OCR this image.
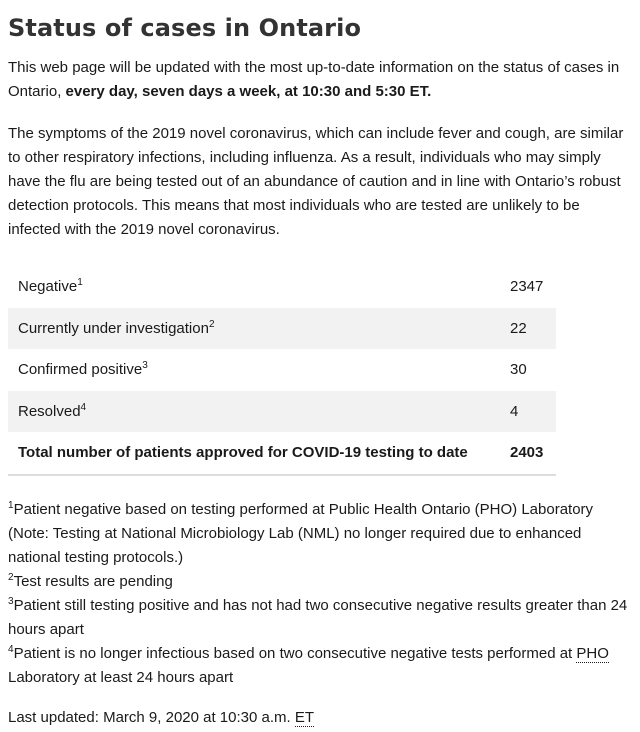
Status of cases in Ontario

This web page will be updated with the most up-to-date information on the status of cases in Ontario, every day, seven days a week, at 10:30 and 5:30 ET.

The symptoms of the 2019 novel coronavirus, which can include fever and cough, are similar to other respiratory infections, including influenza. As a result, individuals who may simply have the flu are being tested out of an abundance of caution and in line with Ontario’s robust detection protocols. This means that most individuals who are tested are unlikely to be infected with the 2019 novel coronavirus.

Negative$^1$	2347
Currently under investigation$^2$	22
Confirmed positive$^3$	30
Resolved$^4$	4
Total number of patients approved for COVID-19 testing to date	2403

$^1$Patient negative based on testing performed at Public Health Ontario (PHO) Laboratory (Note: Testing at National Microbiology Lab (NML) no longer required due to enhanced national testing protocols.)

$^2$Test results are pending

$^3$Patient still testing positive and has not had two consecutive negative results greater than 24 hours apart

$^4$Patient is no longer infectious based on two consecutive negative tests performed at PHO Laboratory at least 24 hours apart

Last updated: March 9, 2020 at 10:30 a.m. ET
